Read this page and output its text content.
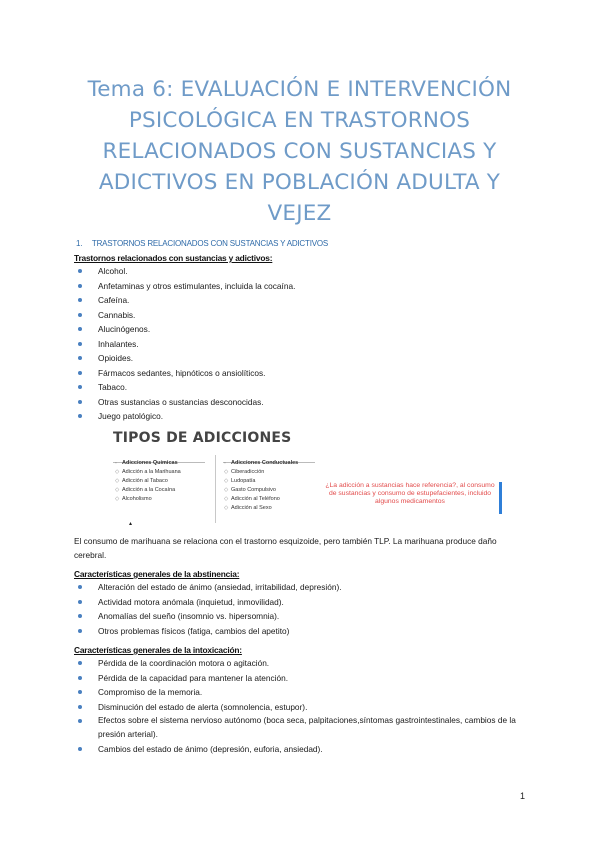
Tema 6: EVALUACIÓN E INTERVENCIÓN
PSICOLÓGICA EN TRASTORNOS
RELACIONADOS CON SUSTANCIAS Y
ADICTIVOS EN POBLACIÓN ADULTA Y
VEJEZ
1. TRASTORNOS RELACIONADOS CON SUSTANCIAS Y ADICTIVOS
Trastornos relacionados con sustancias y adictivos:
Alcohol.
Anfetaminas y otros estimulantes, incluida la cocaína.
Cafeína.
Cannabis.
Alucinógenos.
Inhalantes.
Opioides.
Fármacos sedantes, hipnóticos o ansiolíticos.
Tabaco.
Otras sustancias o sustancias desconocidas.
Juego patológico.
TIPOS DE ADICCIONES
- Adicciones Químicas
◇ Adicción a la Marihuana
◇ Adicción al Tabaco
◇ Adicción a la Cocaína
◇ Alcoholismo
- Adicciones Conductuales
◇ Ciberadicción
◇ Ludopatía
◇ Gasto Compulsivo
◇ Adicción al Teléfono
◇ Adicción al Sexo
¿La adicción a sustancias hace referencia?, al consumo de sustancias y consumo de estupefacientes, incluido algunos medicamentos
▴
El consumo de marihuana se relaciona con el trastorno esquizoide, pero también TLP. La marihuana produce daño cerebral.
Características generales de la abstinencia:
Alteración del estado de ánimo (ansiedad, irritabilidad, depresión).
Actividad motora anómala (inquietud, inmovilidad).
Anomalías del sueño (insomnio vs. hipersomnia).
Otros problemas físicos (fatiga, cambios del apetito)
Características generales de la intoxicación:
Pérdida de la coordinación motora o agitación.
Pérdida de la capacidad para mantener la atención.
Compromiso de la memoria.
Disminución del estado de alerta (somnolencia, estupor).
Efectos sobre el sistema nervioso autónomo (boca seca, palpitaciones,síntomas gastrointestinales, cambios de la presión arterial).
Cambios del estado de ánimo (depresión, euforia, ansiedad).
1
